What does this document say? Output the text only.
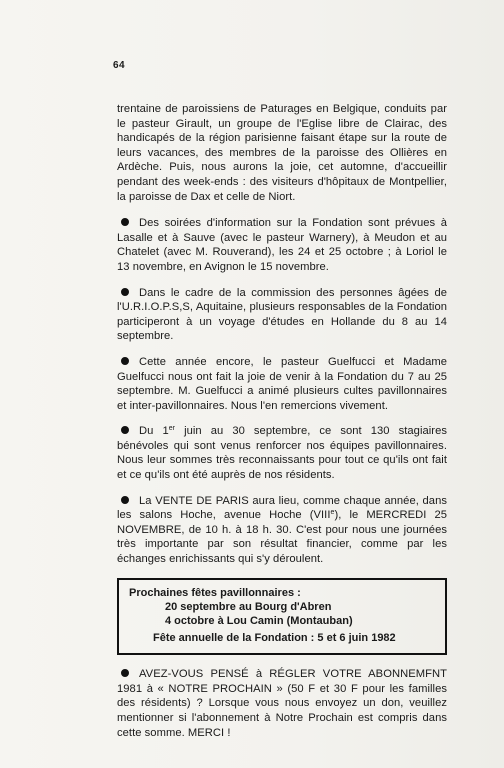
64

trentaine de paroissiens de Paturages en Belgique, conduits par le pasteur Girault, un groupe de l'Eglise libre de Clairac, des handicapés de la région parisienne faisant étape sur la route de leurs vacances, des membres de la paroisse des Ollières en Ardèche. Puis, nous aurons la joie, cet automne, d'accueillir pendant des week-ends : des visiteurs d'hôpitaux de Montpellier, la paroisse de Dax et celle de Niort.

Des soirées d'information sur la Fondation sont prévues à Lasalle et à Sauve (avec le pasteur Warnery), à Meudon et au Chatelet (avec M. Rouverand), les 24 et 25 octobre ; à Loriol le 13 novembre, en Avignon le 15 novembre.

Dans le cadre de la commission des personnes âgées de l'U.R.I.O.P.S,S, Aquitaine, plusieurs responsables de la Fondation participeront à un voyage d'études en Hollande du 8 au 14 septembre.

Cette année encore, le pasteur Guelfucci et Madame Guelfucci nous ont fait la joie de venir à la Fondation du 7 au 25 septembre. M. Guelfucci a animé plusieurs cultes pavillonnaires et inter-pavillonnaires. Nous l'en remercions vivement.

Du 1er juin au 30 septembre, ce sont 130 stagiaires bénévoles qui sont venus renforcer nos équipes pavillonnaires. Nous leur sommes très reconnaissants pour tout ce qu'ils ont fait et ce qu'ils ont été auprès de nos résidents.

La VENTE DE PARIS aura lieu, comme chaque année, dans les salons Hoche, avenue Hoche (VIIIe), le MERCREDI 25 NOVEMBRE, de 10 h. à 18 h. 30. C'est pour nous une journées très importante par son résultat financier, comme par les échanges enrichissants qui s'y déroulent.

Prochaines fêtes pavillonnaires :
20 septembre au Bourg d'Abren
4 octobre à Lou Camin (Montauban)
Fête annuelle de la Fondation : 5 et 6 juin 1982

AVEZ-VOUS PENSÉ à RÉGLER VOTRE ABONNEMFNT 1981 à « NOTRE PROCHAIN » (50 F et 30 F pour les familles des résidents) ? Lorsque vous nous envoyez un don, veuillez mentionner si l'abonnement à Notre Prochain est compris dans cette somme. MERCI !
